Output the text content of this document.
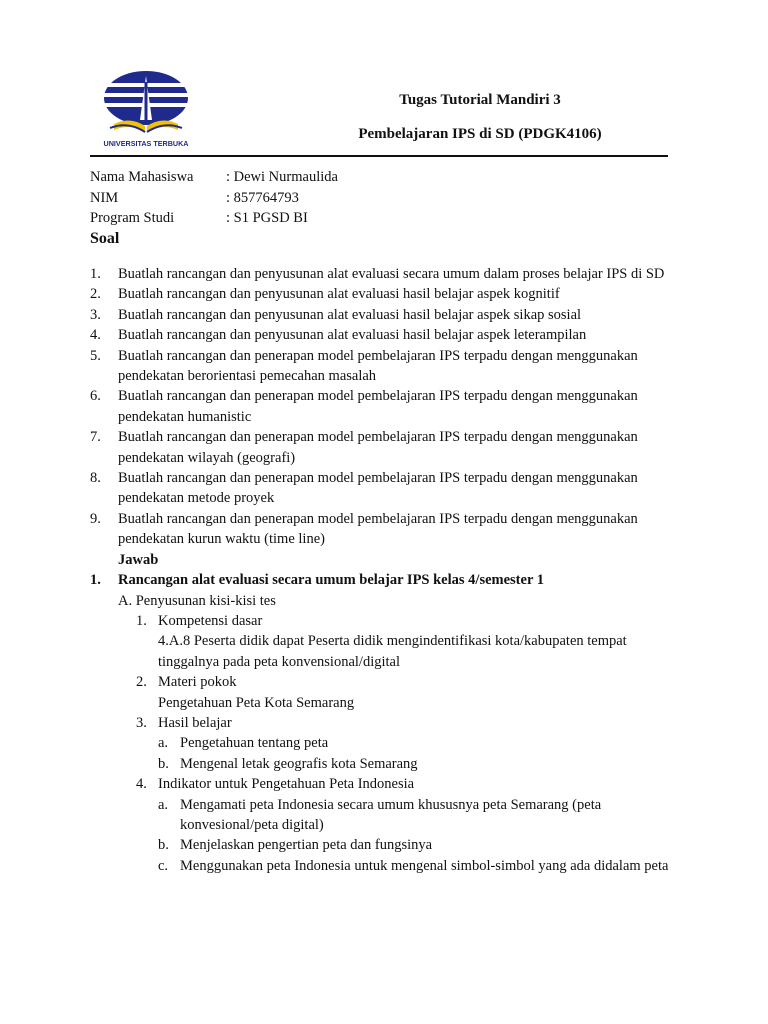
UNIVERSITAS TERBUKA
Tugas Tutorial Mandiri 3
Pembelajaran IPS di SD (PDGK4106)
Nama Mahasiswa : Dewi Nurmaulida
NIM	: 857764793
Program Studi	: S1 PGSD BI
Soal
1. Buatlah rancangan dan penyusunan alat evaluasi secara umum dalam proses belajar IPS di SD
2. Buatlah rancangan dan penyusunan alat evaluasi hasil belajar aspek kognitif
3. Buatlah rancangan dan penyusunan alat evaluasi hasil belajar aspek sikap sosial
4. Buatlah rancangan dan penyusunan alat evaluasi hasil belajar aspek leterampilan
5. Buatlah rancangan dan penerapan model pembelajaran IPS terpadu dengan menggunakan pendekatan berorientasi pemecahan masalah
6. Buatlah rancangan dan penerapan model pembelajaran IPS terpadu dengan menggunakan pendekatan humanistic
7. Buatlah rancangan dan penerapan model pembelajaran IPS terpadu dengan menggunakan pendekatan wilayah (geografi)
8. Buatlah rancangan dan penerapan model pembelajaran IPS terpadu dengan menggunakan pendekatan metode proyek
9. Buatlah rancangan dan penerapan model pembelajaran IPS terpadu dengan menggunakan pendekatan kurun waktu (time line)
Jawab
1. Rancangan alat evaluasi secara umum belajar IPS kelas 4/semester 1
A. Penyusunan kisi-kisi tes
1. Kompetensi dasar
4.A.8 Peserta didik dapat Peserta didik mengindentifikasi kota/kabupaten tempat tinggalnya pada peta konvensional/digital
2. Materi pokok
Pengetahuan Peta Kota Semarang
3. Hasil belajar
a. Pengetahuan tentang peta
b. Mengenal letak geografis kota Semarang
4. Indikator untuk Pengetahuan Peta Indonesia
a. Mengamati peta Indonesia secara umum khususnya peta Semarang (peta konvesional/peta digital)
b. Menjelaskan pengertian peta dan fungsinya
c. Menggunakan peta Indonesia untuk mengenal simbol-simbol yang ada didalam peta
